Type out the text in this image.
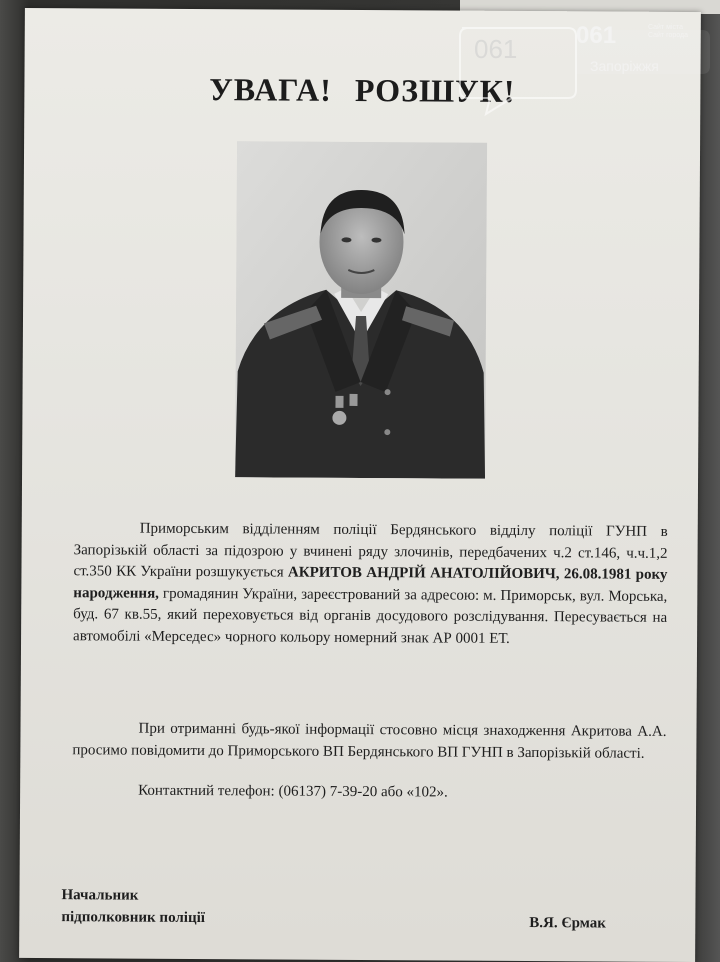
УВАГА! РОЗШУК!
Приморським відділенням поліції Бердянського відділу поліції ГУНП в Запорізькій області за підозрою у вчинені ряду злочинів, передбачених ч.2 ст.146, ч.ч.1,2 ст.350 КК України розшукується АКРИТОВ АНДРІЙ АНАТОЛІЙОВИЧ, 26.08.1981 року народження, громадянин України, зареєстрований за адресою: м. Приморськ, вул. Морська, буд. 67 кв.55, який переховується від органів досудового розслідування. Пересувається на автомобілі «Мерседес» чорного кольору номерний знак АР 0001 ЕТ.
При отриманні будь-якої інформації стосовно місця знаходження Акритова А.А. просимо повідомити до Приморського ВП Бердянського ВП ГУНП в Запорізькій області.
Контактний телефон: (06137) 7-39-20 або «102».
Начальник
підполковник поліції	В.Я. Єрмак
061 061	Сайт міста
Сайт города
Запоріжжя
